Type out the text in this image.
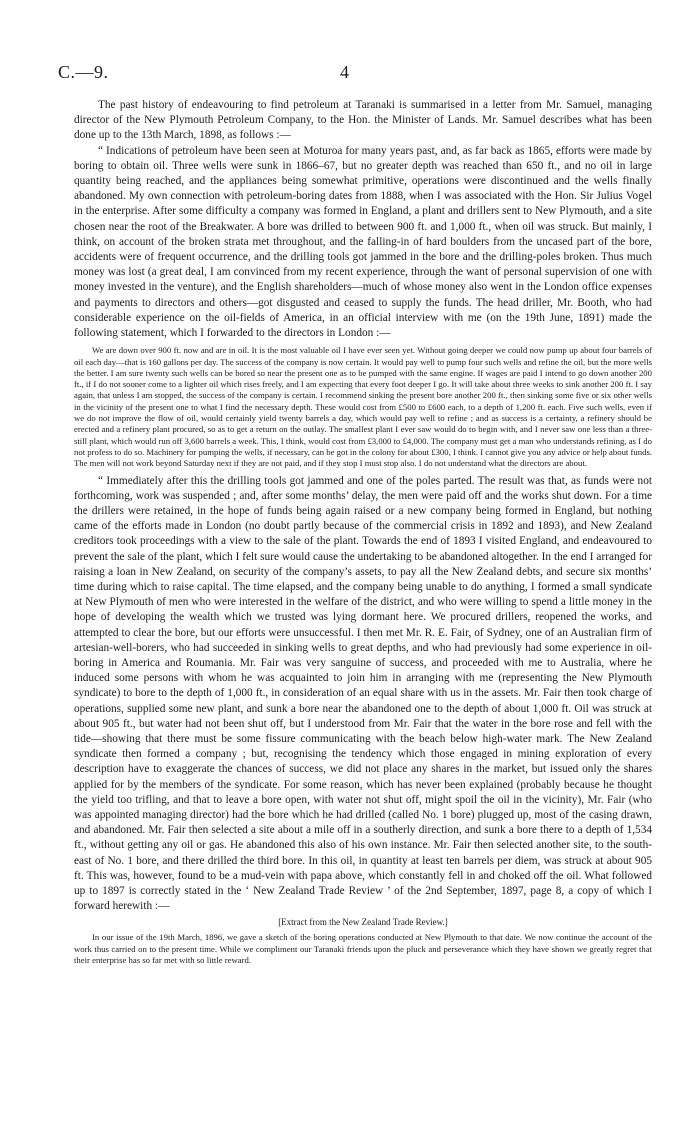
C.—9.	4

The past history of endeavouring to find petroleum at Taranaki is summarised in a letter from Mr. Samuel, managing director of the New Plymouth Petroleum Company, to the Hon. the Minister of Lands. Mr. Samuel describes what has been done up to the 13th March, 1898, as follows :—

“ Indications of petroleum have been seen at Moturoa for many years past, and, as far back as 1865, efforts were made by boring to obtain oil. Three wells were sunk in 1866–67, but no greater depth was reached than 650 ft., and no oil in large quantity being reached, and the appliances being somewhat primitive, operations were discontinued and the wells finally abandoned. My own connection with petroleum-boring dates from 1888, when I was associated with the Hon. Sir Julius Vogel in the enterprise. After some difficulty a company was formed in England, a plant and drillers sent to New Plymouth, and a site chosen near the root of the Breakwater. A bore was drilled to between 900 ft. and 1,000 ft., when oil was struck. But mainly, I think, on account of the broken strata met throughout, and the falling-in of hard boulders from the uncased part of the bore, accidents were of frequent occurrence, and the drilling tools got jammed in the bore and the drilling-poles broken. Thus much money was lost (a great deal, I am convinced from my recent experience, through the want of personal supervision of one with money invested in the venture), and the English shareholders—much of whose money also went in the London office expenses and payments to directors and others—got disgusted and ceased to supply the funds. The head driller, Mr. Booth, who had considerable experience on the oil-fields of America, in an official interview with me (on the 19th June, 1891) made the following statement, which I forwarded to the directors in London :—

We are down over 900 ft. now and are in oil. It is the most valuable oil I have ever seen yet. Without going deeper we could now pump up about four barrels of oil each day—that is 160 gallons per day. The success of the company is now certain. It would pay well to pump four such wells and refine the oil, but the more wells the better. I am sure twenty such wells can be bored so near the present one as to be pumped with the same engine. If wages are paid I intend to go down another 200 ft., if I do not sooner come to a lighter oil which rises freely, and I am expecting that every foot deeper I go. It will take about three weeks to sink another 200 ft. I say again, that unless I am stopped, the success of the company is certain. I recommend sinking the present bore another 200 ft., then sinking some five or six other wells in the vicinity of the present one to what I find the necessary depth. These would cost from £500 to £600 each, to a depth of 1,200 ft. each. Five such wells, even if we do not improve the flow of oil, would certainly yield twenty barrels a day, which would pay well to refine ; and as success is a certainty, a refinery should be erected and a refinery plant procured, so as to get a return on the outlay. The smallest plant I ever saw would do to begin with, and I never saw one less than a three-still plant, which would run off 3,600 barrels a week. This, I think, would cost from £3,000 to £4,000. The company must get a man who understands refining, as I do not profess to do so. Machinery for pumping the wells, if necessary, can be got in the colony for about £300, I think. I cannot give you any advice or help about funds. The men will not work beyond Saturday next if they are not paid, and if they stop I must stop also. I do not understand what the directors are about.

“ Immediately after this the drilling tools got jammed and one of the poles parted. The result was that, as funds were not forthcoming, work was suspended ; and, after some months’ delay, the men were paid off and the works shut down. For a time the drillers were retained, in the hope of funds being again raised or a new company being formed in England, but nothing came of the efforts made in London (no doubt partly because of the commercial crisis in 1892 and 1893), and New Zealand creditors took proceedings with a view to the sale of the plant. Towards the end of 1893 I visited England, and endeavoured to prevent the sale of the plant, which I felt sure would cause the undertaking to be abandoned altogether. In the end I arranged for raising a loan in New Zealand, on security of the company’s assets, to pay all the New Zealand debts, and secure six months’ time during which to raise capital. The time elapsed, and the company being unable to do anything, I formed a small syndicate at New Plymouth of men who were interested in the welfare of the district, and who were willing to spend a little money in the hope of developing the wealth which we trusted was lying dormant here. We procured drillers, reopened the works, and attempted to clear the bore, but our efforts were unsuccessful. I then met Mr. R. E. Fair, of Sydney, one of an Australian firm of artesian-well-borers, who had succeeded in sinking wells to great depths, and who had previously had some experience in oil-boring in America and Roumania. Mr. Fair was very sanguine of success, and proceeded with me to Australia, where he induced some persons with whom he was acquainted to join him in arranging with me (representing the New Plymouth syndicate) to bore to the depth of 1,000 ft., in consideration of an equal share with us in the assets. Mr. Fair then took charge of operations, supplied some new plant, and sunk a bore near the abandoned one to the depth of about 1,000 ft. Oil was struck at about 905 ft., but water had not been shut off, but I understood from Mr. Fair that the water in the bore rose and fell with the tide—showing that there must be some fissure communicating with the beach below high-water mark. The New Zealand syndicate then formed a company ; but, recognising the tendency which those engaged in mining exploration of every description have to exaggerate the chances of success, we did not place any shares in the market, but issued only the shares applied for by the members of the syndicate. For some reason, which has never been explained (probably because he thought the yield too trifling, and that to leave a bore open, with water not shut off, might spoil the oil in the vicinity), Mr. Fair (who was appointed managing director) had the bore which he had drilled (called No. 1 bore) plugged up, most of the casing drawn, and abandoned. Mr. Fair then selected a site about a mile off in a southerly direction, and sunk a bore there to a depth of 1,534 ft., without getting any oil or gas. He abandoned this also of his own instance. Mr. Fair then selected another site, to the south-east of No. 1 bore, and there drilled the third bore. In this oil, in quantity at least ten barrels per diem, was struck at about 905 ft. This was, however, found to be a mud-vein with papa above, which constantly fell in and choked off the oil. What followed up to 1897 is correctly stated in the ‘ New Zealand Trade Review ’ of the 2nd September, 1897, page 8, a copy of which I forward herewith :—

[Extract from the New Zealand Trade Review.]

In our issue of the 19th March, 1896, we gave a sketch of the boring operations conducted at New Plymouth to that date. We now continue the account of the work thus carried on to the present time. While we compliment our Taranaki friends upon the pluck and perseverance which they have shown we greatly regret that their enterprise has so far met with so little reward.
